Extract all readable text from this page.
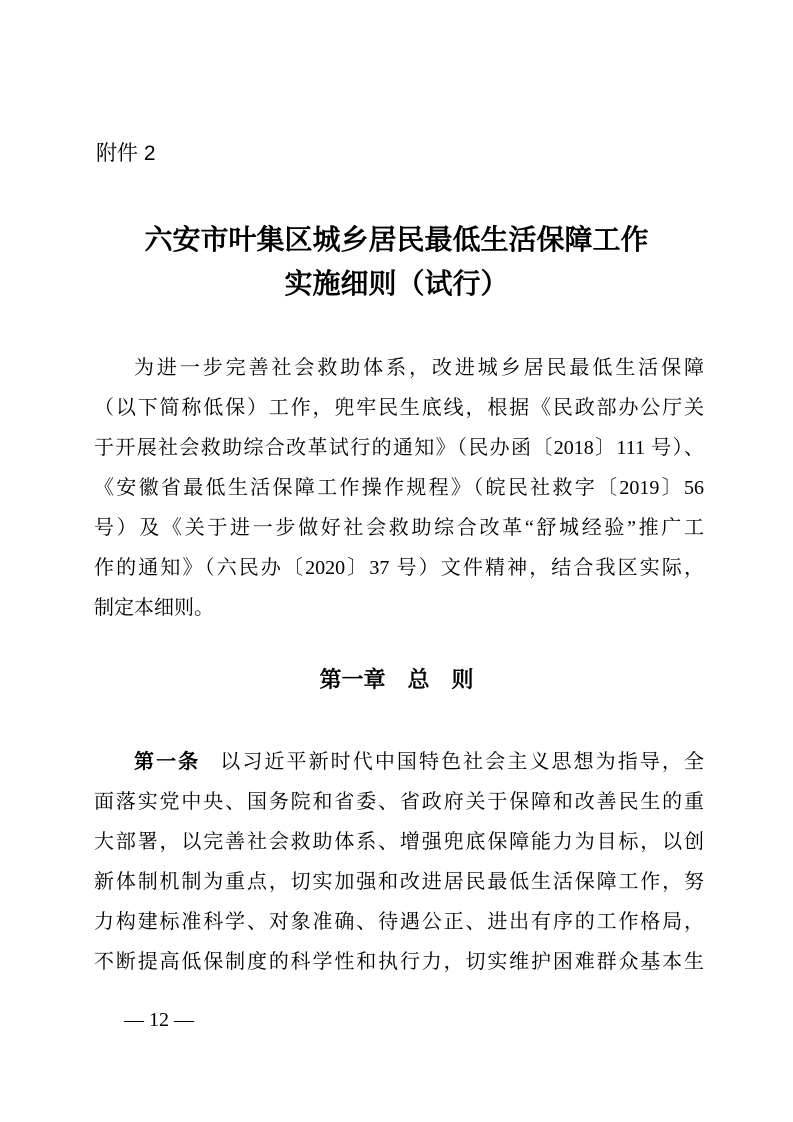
附件 2
六安市叶集区城乡居民最低生活保障工作
实施细则（试行）
为进一步完善社会救助体系，改进城乡居民最低生活保障
（以下简称低保）工作，兜牢民生底线，根据《民政部办公厅关
于开展社会救助综合改革试行的通知》（民办函〔2018〕111 号）、
《安徽省最低生活保障工作操作规程》（皖民社救字〔2019〕56
号）及《关于进一步做好社会救助综合改革“舒城经验”推广工
作的通知》（六民办〔2020〕37 号）文件精神，结合我区实际，
制定本细则。
第一章　总　则
第一条 以习近平新时代中国特色社会主义思想为指导，全
面落实党中央、国务院和省委、省政府关于保障和改善民生的重
大部署，以完善社会救助体系、增强兜底保障能力为目标，以创
新体制机制为重点，切实加强和改进居民最低生活保障工作，努
力构建标准科学、对象准确、待遇公正、进出有序的工作格局，
不断提高低保制度的科学性和执行力，切实维护困难群众基本生
— 12 —
